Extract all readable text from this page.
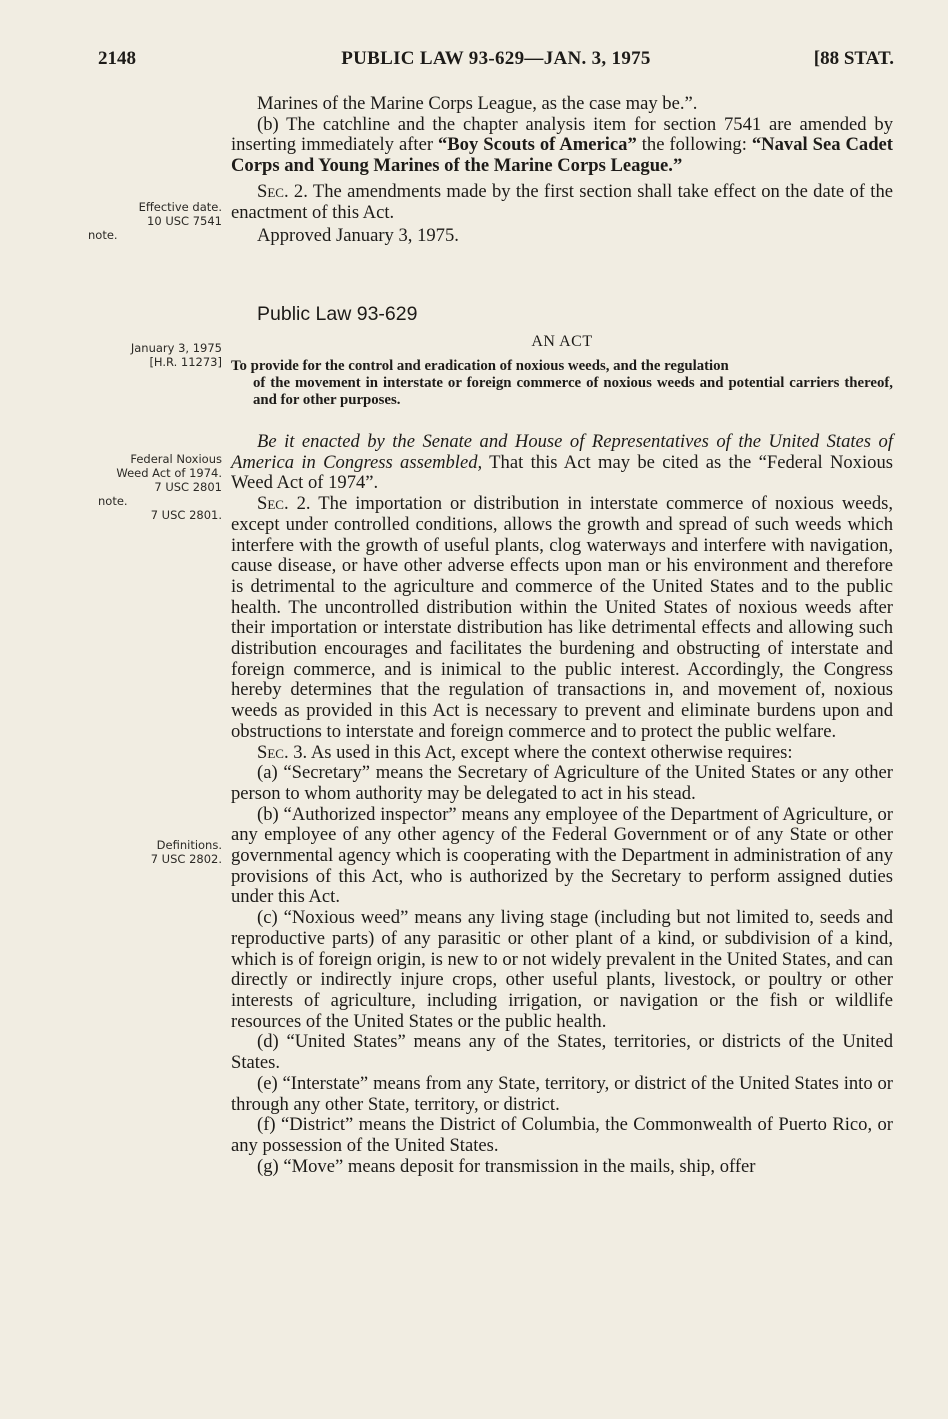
2148	PUBLIC LAW 93-629—JAN. 3, 1975	[88 STAT.
Effective date.
10 USC 7541
note.
January 3, 1975
[H.R. 11273]
Federal Noxious
Weed Act of 1974.
7 USC 2801
note.
7 USC 2801.
Definitions.
7 USC 2802.

Marines of the Marine Corps League, as the case may be.”.

(b) The catchline and the chapter analysis item for section 7541 are amended by inserting immediately after “Boy Scouts of America” the following: “Naval Sea Cadet Corps and Young Marines of the Marine Corps League.”

Sec. 2. The amendments made by the first section shall take effect on the date of the enactment of this Act.

Approved January 3, 1975.

Public Law 93-629

AN ACT

To provide for the control and eradication of noxious weeds, and the regulation
of the movement in interstate or foreign commerce of noxious weeds and potential carriers thereof, and for other purposes.

Be it enacted by the Senate and House of Representatives of the United States of America in Congress assembled, That this Act may be cited as the “Federal Noxious Weed Act of 1974”.

Sec. 2. The importation or distribution in interstate commerce of noxious weeds, except under controlled conditions, allows the growth and spread of such weeds which interfere with the growth of useful plants, clog waterways and interfere with navigation, cause disease, or have other adverse effects upon man or his environment and therefore is detrimental to the agriculture and commerce of the United States and to the public health. The uncontrolled distribution within the United States of noxious weeds after their importation or interstate distribution has like detrimental effects and allowing such distribution encourages and facilitates the burdening and obstructing of interstate and foreign commerce, and is inimical to the public interest. Accordingly, the Congress hereby determines that the regulation of transactions in, and movement of, noxious weeds as provided in this Act is necessary to prevent and eliminate burdens upon and obstructions to interstate and foreign commerce and to protect the public welfare.

Sec. 3. As used in this Act, except where the context otherwise requires:

(a) “Secretary” means the Secretary of Agriculture of the United States or any other person to whom authority may be delegated to act in his stead.

(b) “Authorized inspector” means any employee of the Department of Agriculture, or any employee of any other agency of the Federal Government or of any State or other governmental agency which is cooperating with the Department in administration of any provisions of this Act, who is authorized by the Secretary to perform assigned duties under this Act.

(c) “Noxious weed” means any living stage (including but not limited to, seeds and reproductive parts) of any parasitic or other plant of a kind, or subdivision of a kind, which is of foreign origin, is new to or not widely prevalent in the United States, and can directly or indirectly injure crops, other useful plants, livestock, or poultry or other interests of agriculture, including irrigation, or navigation or the fish or wildlife resources of the United States or the public health.

(d) “United States” means any of the States, territories, or districts of the United States.

(e) “Interstate” means from any State, territory, or district of the United States into or through any other State, territory, or district.

(f) “District” means the District of Columbia, the Commonwealth of Puerto Rico, or any possession of the United States.

(g) “Move” means deposit for transmission in the mails, ship, offer
